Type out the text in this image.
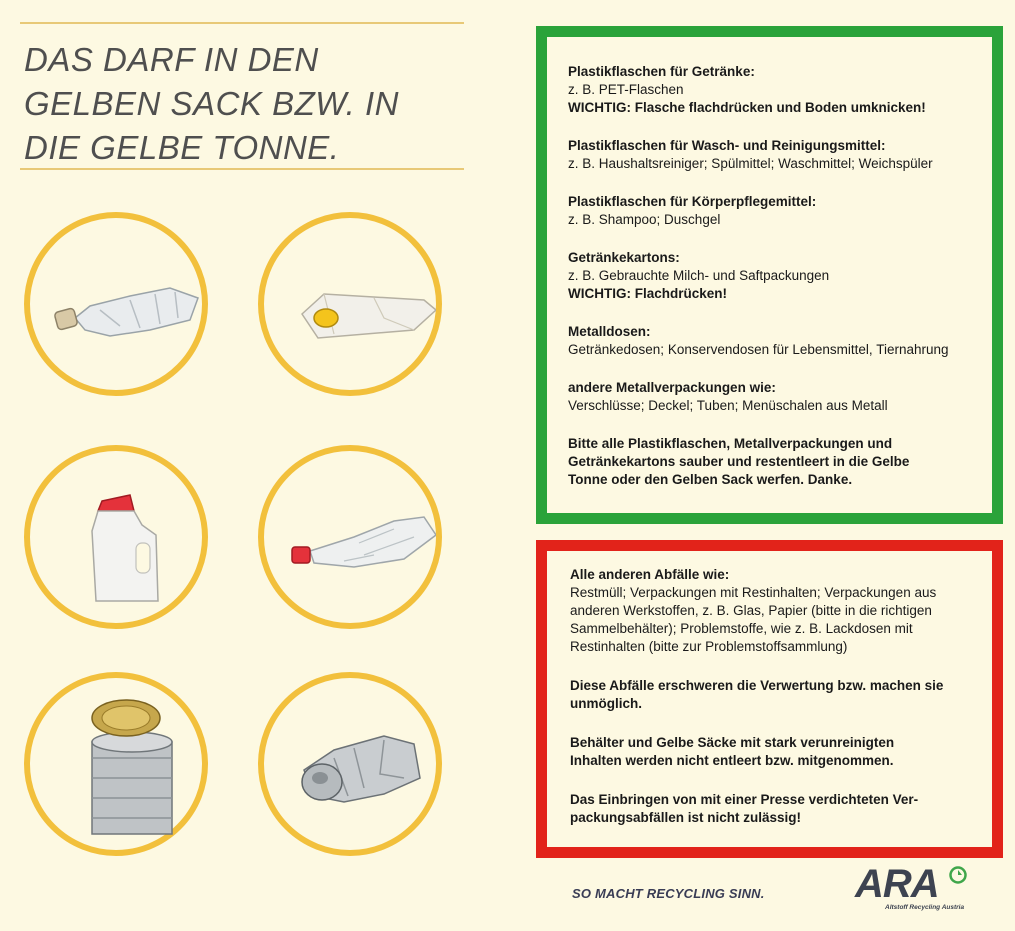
DAS DARF IN DEN
GELBEN SACK BZW. IN
DIE GELBE TONNE.
Plastikflaschen für Getränke:
z. B. PET-Flaschen
WICHTIG: Flasche flachdrücken und Boden umknicken!
Plastikflaschen für Wasch- und Reinigungsmittel:
z. B. Haushaltsreiniger; Spülmittel; Waschmittel; Weichspüler
Plastikflaschen für Körperpflegemittel:
z. B. Shampoo; Duschgel
Getränkekartons:
z. B. Gebrauchte Milch- und Saftpackungen
WICHTIG: Flachdrücken!
Metalldosen:
Getränkedosen; Konservendosen für Lebensmittel, Tiernahrung
andere Metallverpackungen wie:
Verschlüsse; Deckel; Tuben; Menüschalen aus Metall
Bitte alle Plastikflaschen, Metallverpackungen und
Getränkekartons sauber und restentleert in die Gelbe
Tonne oder den Gelben Sack werfen. Danke.
Alle anderen Abfälle wie:
Restmüll; Verpackungen mit Restinhalten; Verpackungen aus
anderen Werkstoffen, z. B. Glas, Papier (bitte in die richtigen
Sammelbehälter); Problemstoffe, wie z. B. Lackdosen mit
Restinhalten (bitte zur Problemstoffsammlung)
Diese Abfälle erschweren die Verwertung bzw. machen sie
unmöglich.
Behälter und Gelbe Säcke mit stark verunreinigten
Inhalten werden nicht entleert bzw. mitgenommen.
Das Einbringen von mit einer Presse verdichteten Ver-
packungsabfällen ist nicht zulässig!
SO MACHT RECYCLING SINN. ARA
Altstoff Recycling Austria
